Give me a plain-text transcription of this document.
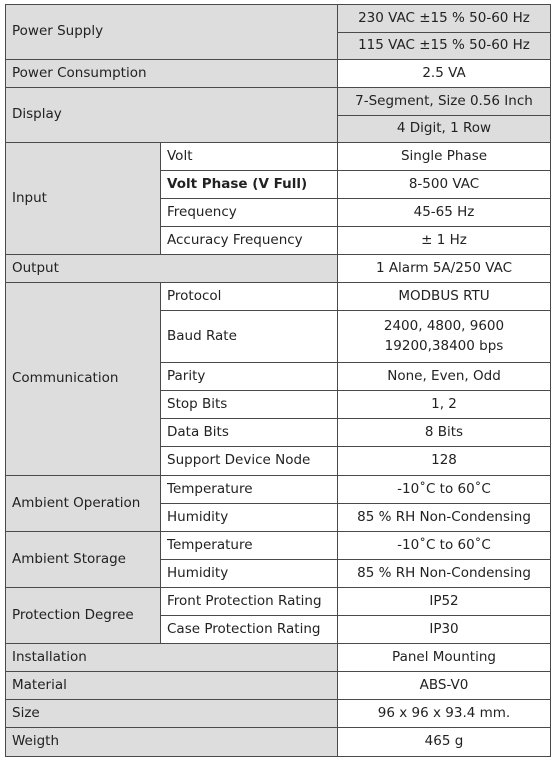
Power Supply		230 VAC ±15 % 50-60 Hz
		115 VAC ±15 % 50-60 Hz
Power Consumption		2.5 VA
Display		7-Segment, Size 0.56 Inch
		4 Digit, 1 Row
Input	Volt	Single Phase
	Volt Phase (V Full)	8-500 VAC
	Frequency	45-65 Hz
	Accuracy Frequency	± 1 Hz
Output		1 Alarm 5A/250 VAC
Communication	Protocol	MODBUS RTU
	Baud Rate	2400, 4800, 9600
19200,38400 bps

	Parity	None, Even, Odd
	Stop Bits	1, 2
	Data Bits	8 Bits
	Support Device Node	128
Ambient Operation	Temperature	-10˚C to 60˚C
	Humidity	85 % RH Non-Condensing
Ambient Storage	Temperature	-10˚C to 60˚C
	Humidity	85 % RH Non-Condensing
Protection Degree	Front Protection Rating	IP52
	Case Protection Rating	IP30
Installation		Panel Mounting
Material		ABS-V0
Size		96 x 96 x 93.4 mm.
Weigth		465 g
